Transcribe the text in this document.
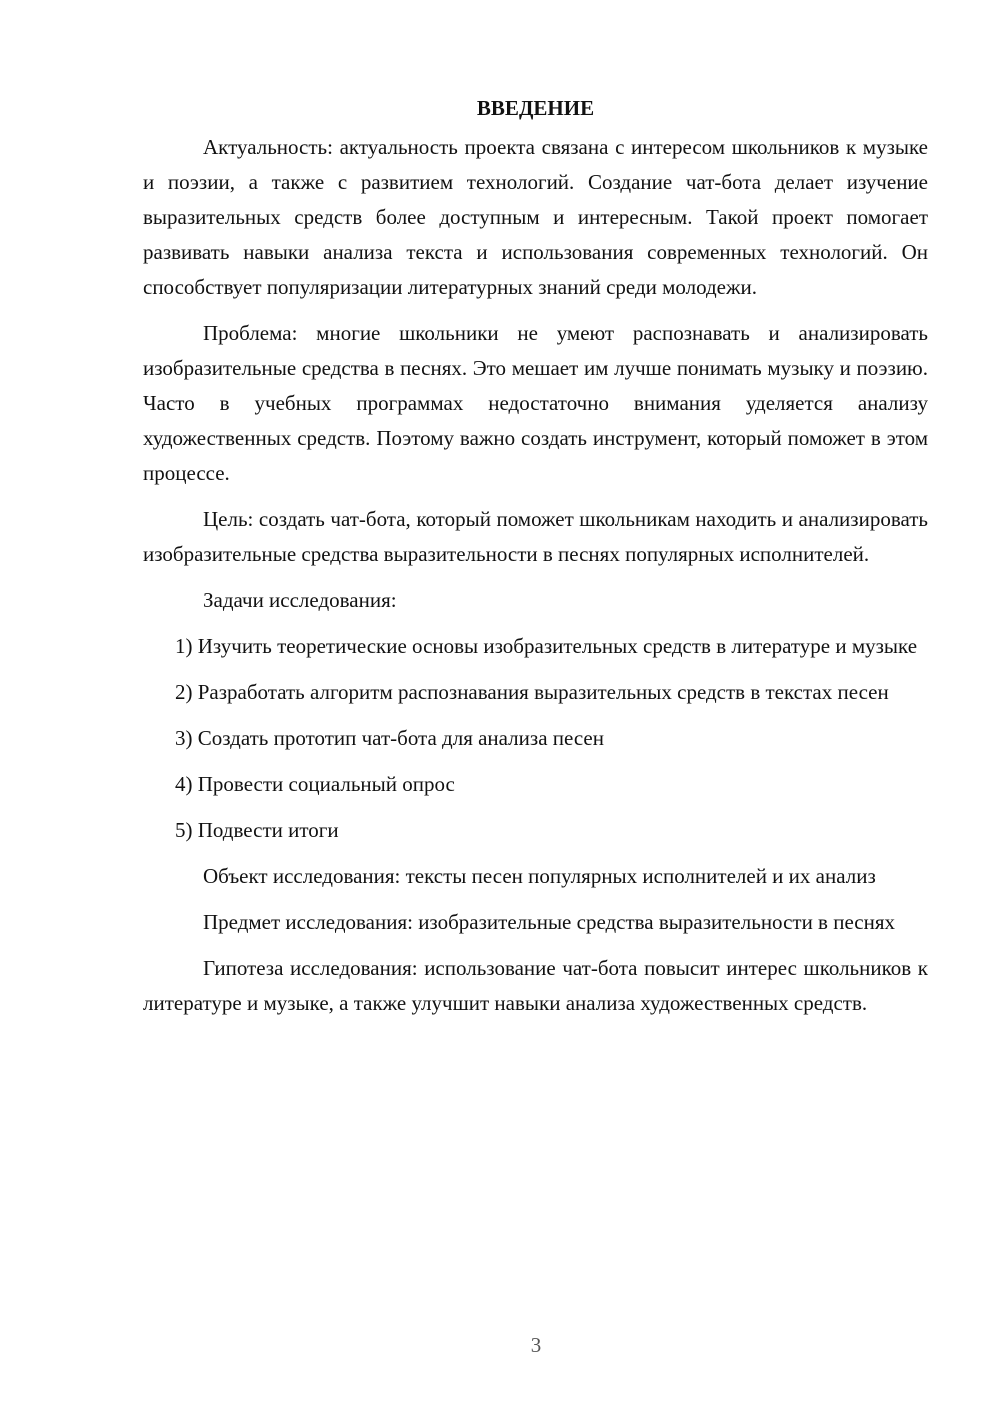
ВВЕДЕНИЕ

Актуальность: актуальность проекта связана с интересом школьников к музыке и поэзии, а также с развитием технологий. Создание чат-бота делает изучение выразительных средств более доступным и интересным. Такой проект помогает развивать навыки анализа текста и использования современных технологий. Он способствует популяризации литературных знаний среди молодежи.

Проблема: многие школьники не умеют распознавать и анализировать изобразительные средства в песнях. Это мешает им лучше понимать музыку и поэзию. Часто в учебных программах недостаточно внимания уделяется анализу художественных средств. Поэтому важно создать инструмент, который поможет в этом процессе.

Цель: создать чат-бота, который поможет школьникам находить и анализировать изобразительные средства выразительности в песнях популярных исполнителей.

Задачи исследования:

1) Изучить теоретические основы изобразительных средств в литературе и музыке

2) Разработать алгоритм распознавания выразительных средств в текстах песен

3) Создать прототип чат-бота для анализа песен

4) Провести социальный опрос

5) Подвести итоги

Объект исследования: тексты песен популярных исполнителей и их анализ

Предмет исследования: изобразительные средства выразительности в песнях

Гипотеза исследования: использование чат-бота повысит интерес школьников к литературе и музыке, а также улучшит навыки анализа художественных средств.

3
